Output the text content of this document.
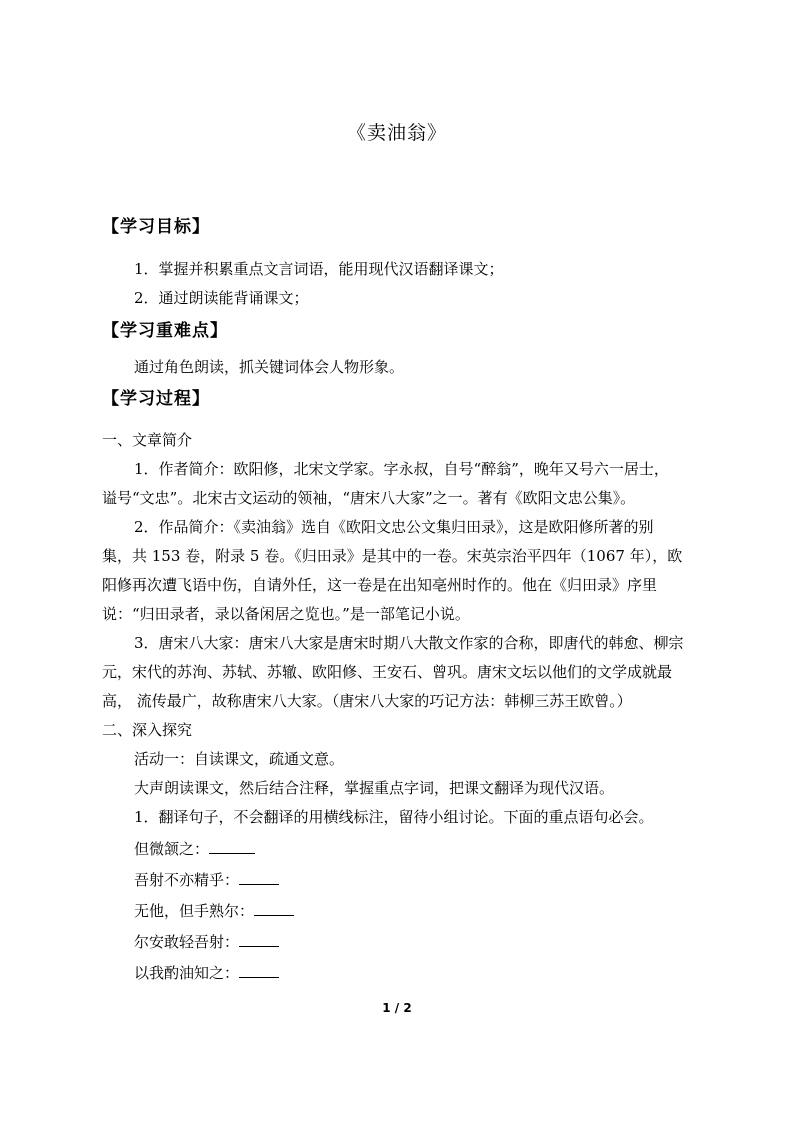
《卖油翁》
【学习目标】
1．掌握并积累重点文言词语，能用现代汉语翻译课文；
2．通过朗读能背诵课文；
【学习重难点】
通过角色朗读，抓关键词体会人物形象。
【学习过程】
一、文章简介
1．作者简介：欧阳修，北宋文学家。字永叔，自号“醉翁”，晚年又号六一居士，
谥号“文忠”。北宋古文运动的领袖，“唐宋八大家”之一。著有《欧阳文忠公集》。
2．作品简介：《卖油翁》选自《欧阳文忠公文集归田录》，这是欧阳修所著的别
集，共 153 卷，附录 5 卷。《归田录》是其中的一卷。宋英宗治平四年（1067 年），欧
阳修再次遭飞语中伤，自请外任，这一卷是在出知亳州时作的。他在《归田录》序里
说：“归田录者，录以备闲居之览也。”是一部笔记小说。
3．唐宋八大家：唐宋八大家是唐宋时期八大散文作家的合称，即唐代的韩愈、柳宗
元，宋代的苏洵、苏轼、苏辙、欧阳修、王安石、曾巩。唐宋文坛以他们的文学成就最
高， 流传最广，故称唐宋八大家。（唐宋八大家的巧记方法：韩柳三苏王欧曾。）
二、深入探究
活动一：自读课文，疏通文意。
大声朗读课文，然后结合注释，掌握重点字词，把课文翻译为现代汉语。
1．翻译句子，不会翻译的用横线标注，留待小组讨论。下面的重点语句必会。
但微颔之：
吾射不亦精乎：
无他，但手熟尔：
尔安敢轻吾射：
以我酌油知之：
1 / 2
